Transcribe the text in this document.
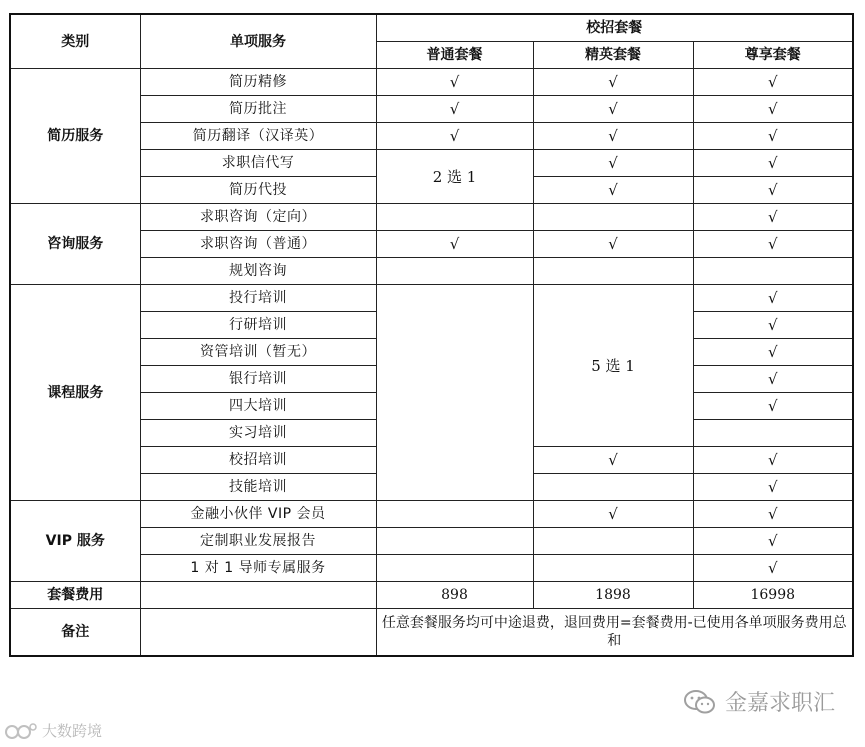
类别	单项服务	校招套餐		
		普通套餐	精英套餐	尊享套餐
简历服务	简历精修	√	√	√
	简历批注	√	√	√
	简历翻译（汉译英）	√	√	√
	求职信代写	2 选 1	√	√
	简历代投		√	√
咨询服务	求职咨询（定向）			√
	求职咨询（普通）	√	√	√
	规划咨询			
课程服务	投行培训		5 选 1	√
	行研培训			√
	资管培训（暂无）			√
	银行培训			√
	四大培训			√
	实习培训			
	校招培训		√	√
	技能培训			√
VIP 服务	金融小伙伴 VIP 会员		√	√
	定制职业发展报告			√
	1 对 1 导师专属服务			√
套餐费用		898	1898	16998
备注		任意套餐服务均可中途退费，退回费用=套餐费用-已使用各单项服务费用总和		
金嘉求职汇
大数跨境
